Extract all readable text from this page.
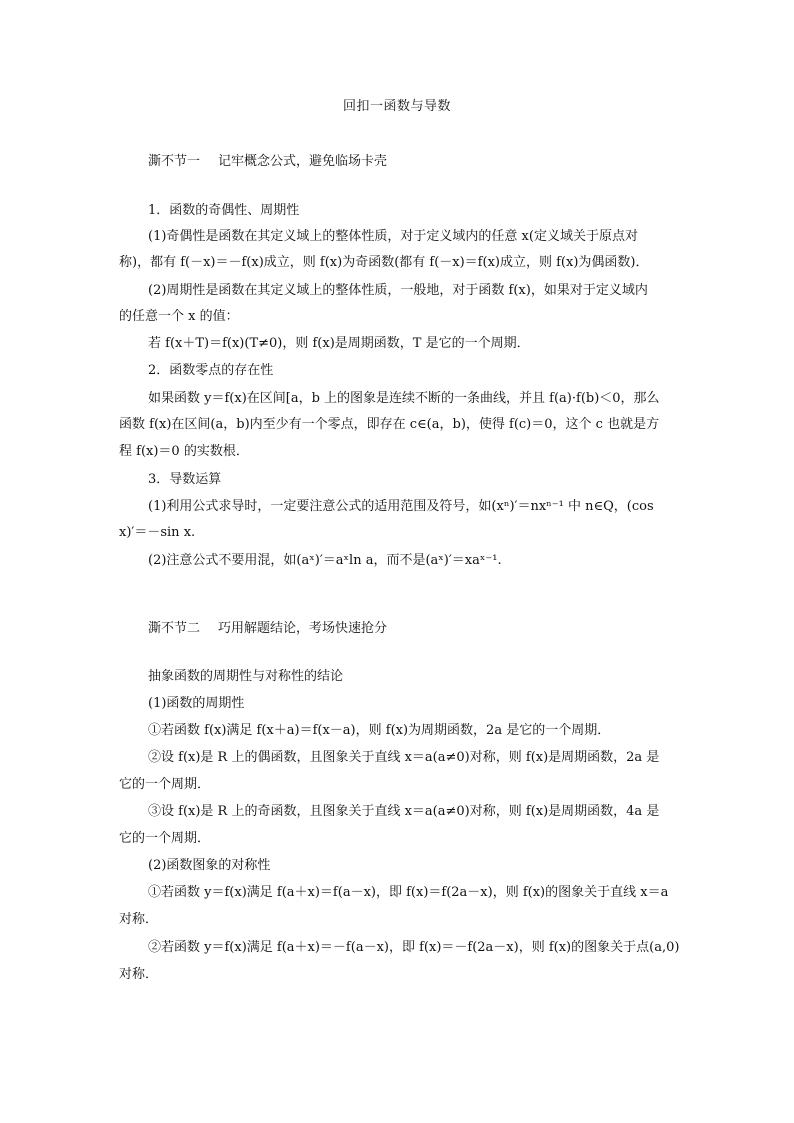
回扣一函数与导数
澌不节一 记牢概念公式，避免临场卡壳
1．函数的奇偶性、周期性
(1)奇偶性是函数在其定义域上的整体性质，对于定义域内的任意 x(定义域关于原点对
称)，都有 f(－x)＝－f(x)成立，则 f(x)为奇函数(都有 f(－x)＝f(x)成立，则 f(x)为偶函数)．
(2)周期性是函数在其定义域上的整体性质，一般地，对于函数 f(x)，如果对于定义域内
的任意一个 x 的值：
若 f(x＋T)＝f(x)(T≠0)，则 f(x)是周期函数，T 是它的一个周期．
2．函数零点的存在性
如果函数 y＝f(x)在区间[a，b 上的图象是连续不断的一条曲线，并且 f(a)·f(b)＜0，那么
函数 f(x)在区间(a，b)内至少有一个零点，即存在 c∈(a，b)，使得 f(c)＝0，这个 c 也就是方
程 f(x)＝0 的实数根．
3．导数运算
(1)利用公式求导时，一定要注意公式的适用范围及符号，如(xⁿ)′＝nxⁿ⁻¹ 中 n∈Q，(cos
x)′＝－sin x.
(2)注意公式不要用混，如(aˣ)′＝aˣln a，而不是(aˣ)′＝xaˣ⁻¹.
澌不节二 巧用解题结论，考场快速抢分
抽象函数的周期性与对称性的结论
(1)函数的周期性
①若函数 f(x)满足 f(x＋a)＝f(x－a)，则 f(x)为周期函数，2a 是它的一个周期．
②设 f(x)是 R 上的偶函数，且图象关于直线 x＝a(a≠0)对称，则 f(x)是周期函数，2a 是
它的一个周期．
③设 f(x)是 R 上的奇函数，且图象关于直线 x＝a(a≠0)对称，则 f(x)是周期函数，4a 是
它的一个周期．
(2)函数图象的对称性
①若函数 y＝f(x)满足 f(a＋x)＝f(a－x)，即 f(x)＝f(2a－x)，则 f(x)的图象关于直线 x＝a
对称．
②若函数 y＝f(x)满足 f(a＋x)＝－f(a－x)，即 f(x)＝－f(2a－x)，则 f(x)的图象关于点(a,0)
对称．
